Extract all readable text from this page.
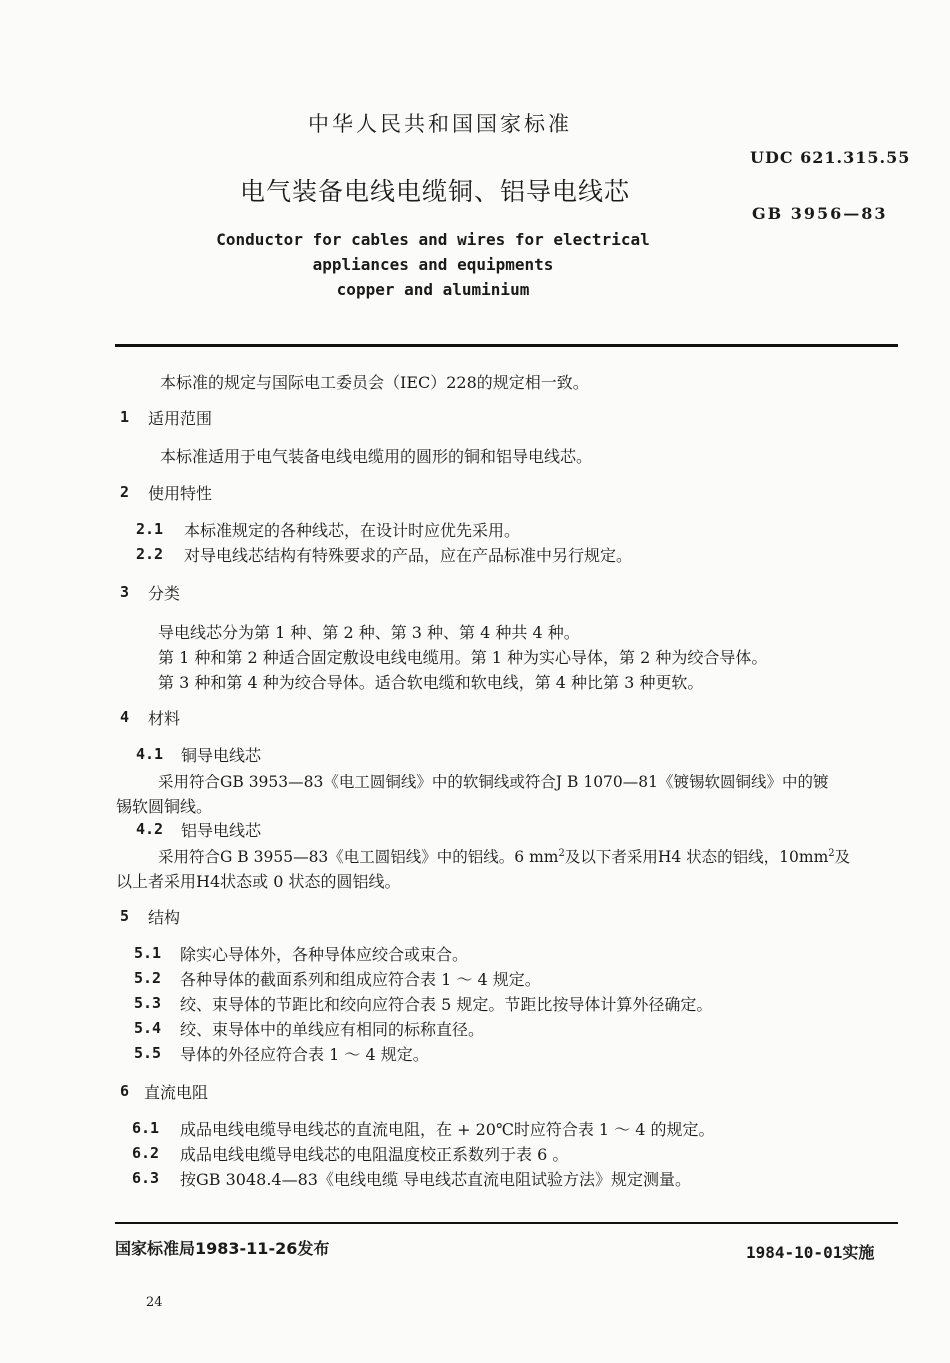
中华人民共和国国家标准
UDC 621.315.55
电气装备电线电缆铜、铝导电线芯
GB 3956—83
Conductor for cables and wires for electrical
appliances and equipments
copper and aluminium
本标准的规定与国际电工委员会（IEC）228的规定相一致。
1 适用范围
本标准适用于电气装备电线电缆用的圆形的铜和铝导电线芯。
2 使用特性
2.1 本标准规定的各种线芯，在设计时应优先采用。
2.2 对导电线芯结构有特殊要求的产品，应在产品标准中另行规定。
3 分类
导电线芯分为第 1 种、第 2 种、第 3 种、第 4 种共 4 种。
第 1 种和第 2 种适合固定敷设电线电缆用。第 1 种为实心导体，第 2 种为绞合导体。
第 3 种和第 4 种为绞合导体。适合软电缆和软电线，第 4 种比第 3 种更软。
4 材料
4.1 铜导电线芯
采用符合GB 3953—83《电工圆铜线》中的软铜线或符合J B 1070—81《镀锡软圆铜线》中的镀
锡软圆铜线。
4.2 铝导电线芯
采用符合G B 3955—83《电工圆铝线》中的铝线。6 $mm^2$及以下者采用H4 状态的铝线，$10mm^2$及
以上者采用H4状态或 0 状态的圆铝线。
5 结构
5.1 除实心导体外，各种导体应绞合或束合。
5.2 各种导体的截面系列和组成应符合表 1 ～ 4 规定。
5.3 绞、束导体的节距比和绞向应符合表 5 规定。节距比按导体计算外径确定。
5.4 绞、束导体中的单线应有相同的标称直径。
5.5 导体的外径应符合表 1 ～ 4 规定。
6 直流电阻
6.1 成品电线电缆导电线芯的直流电阻，在 + 20℃时应符合表 1 ～ 4 的规定。
6.2 成品电线电缆导电线芯的电阻温度校正系数列于表 6 。
6.3 按GB 3048.4—83《电线电缆 导电线芯直流电阻试验方法》规定测量。
国家标准局1983-11-26发布	1984-10-01实施
24
